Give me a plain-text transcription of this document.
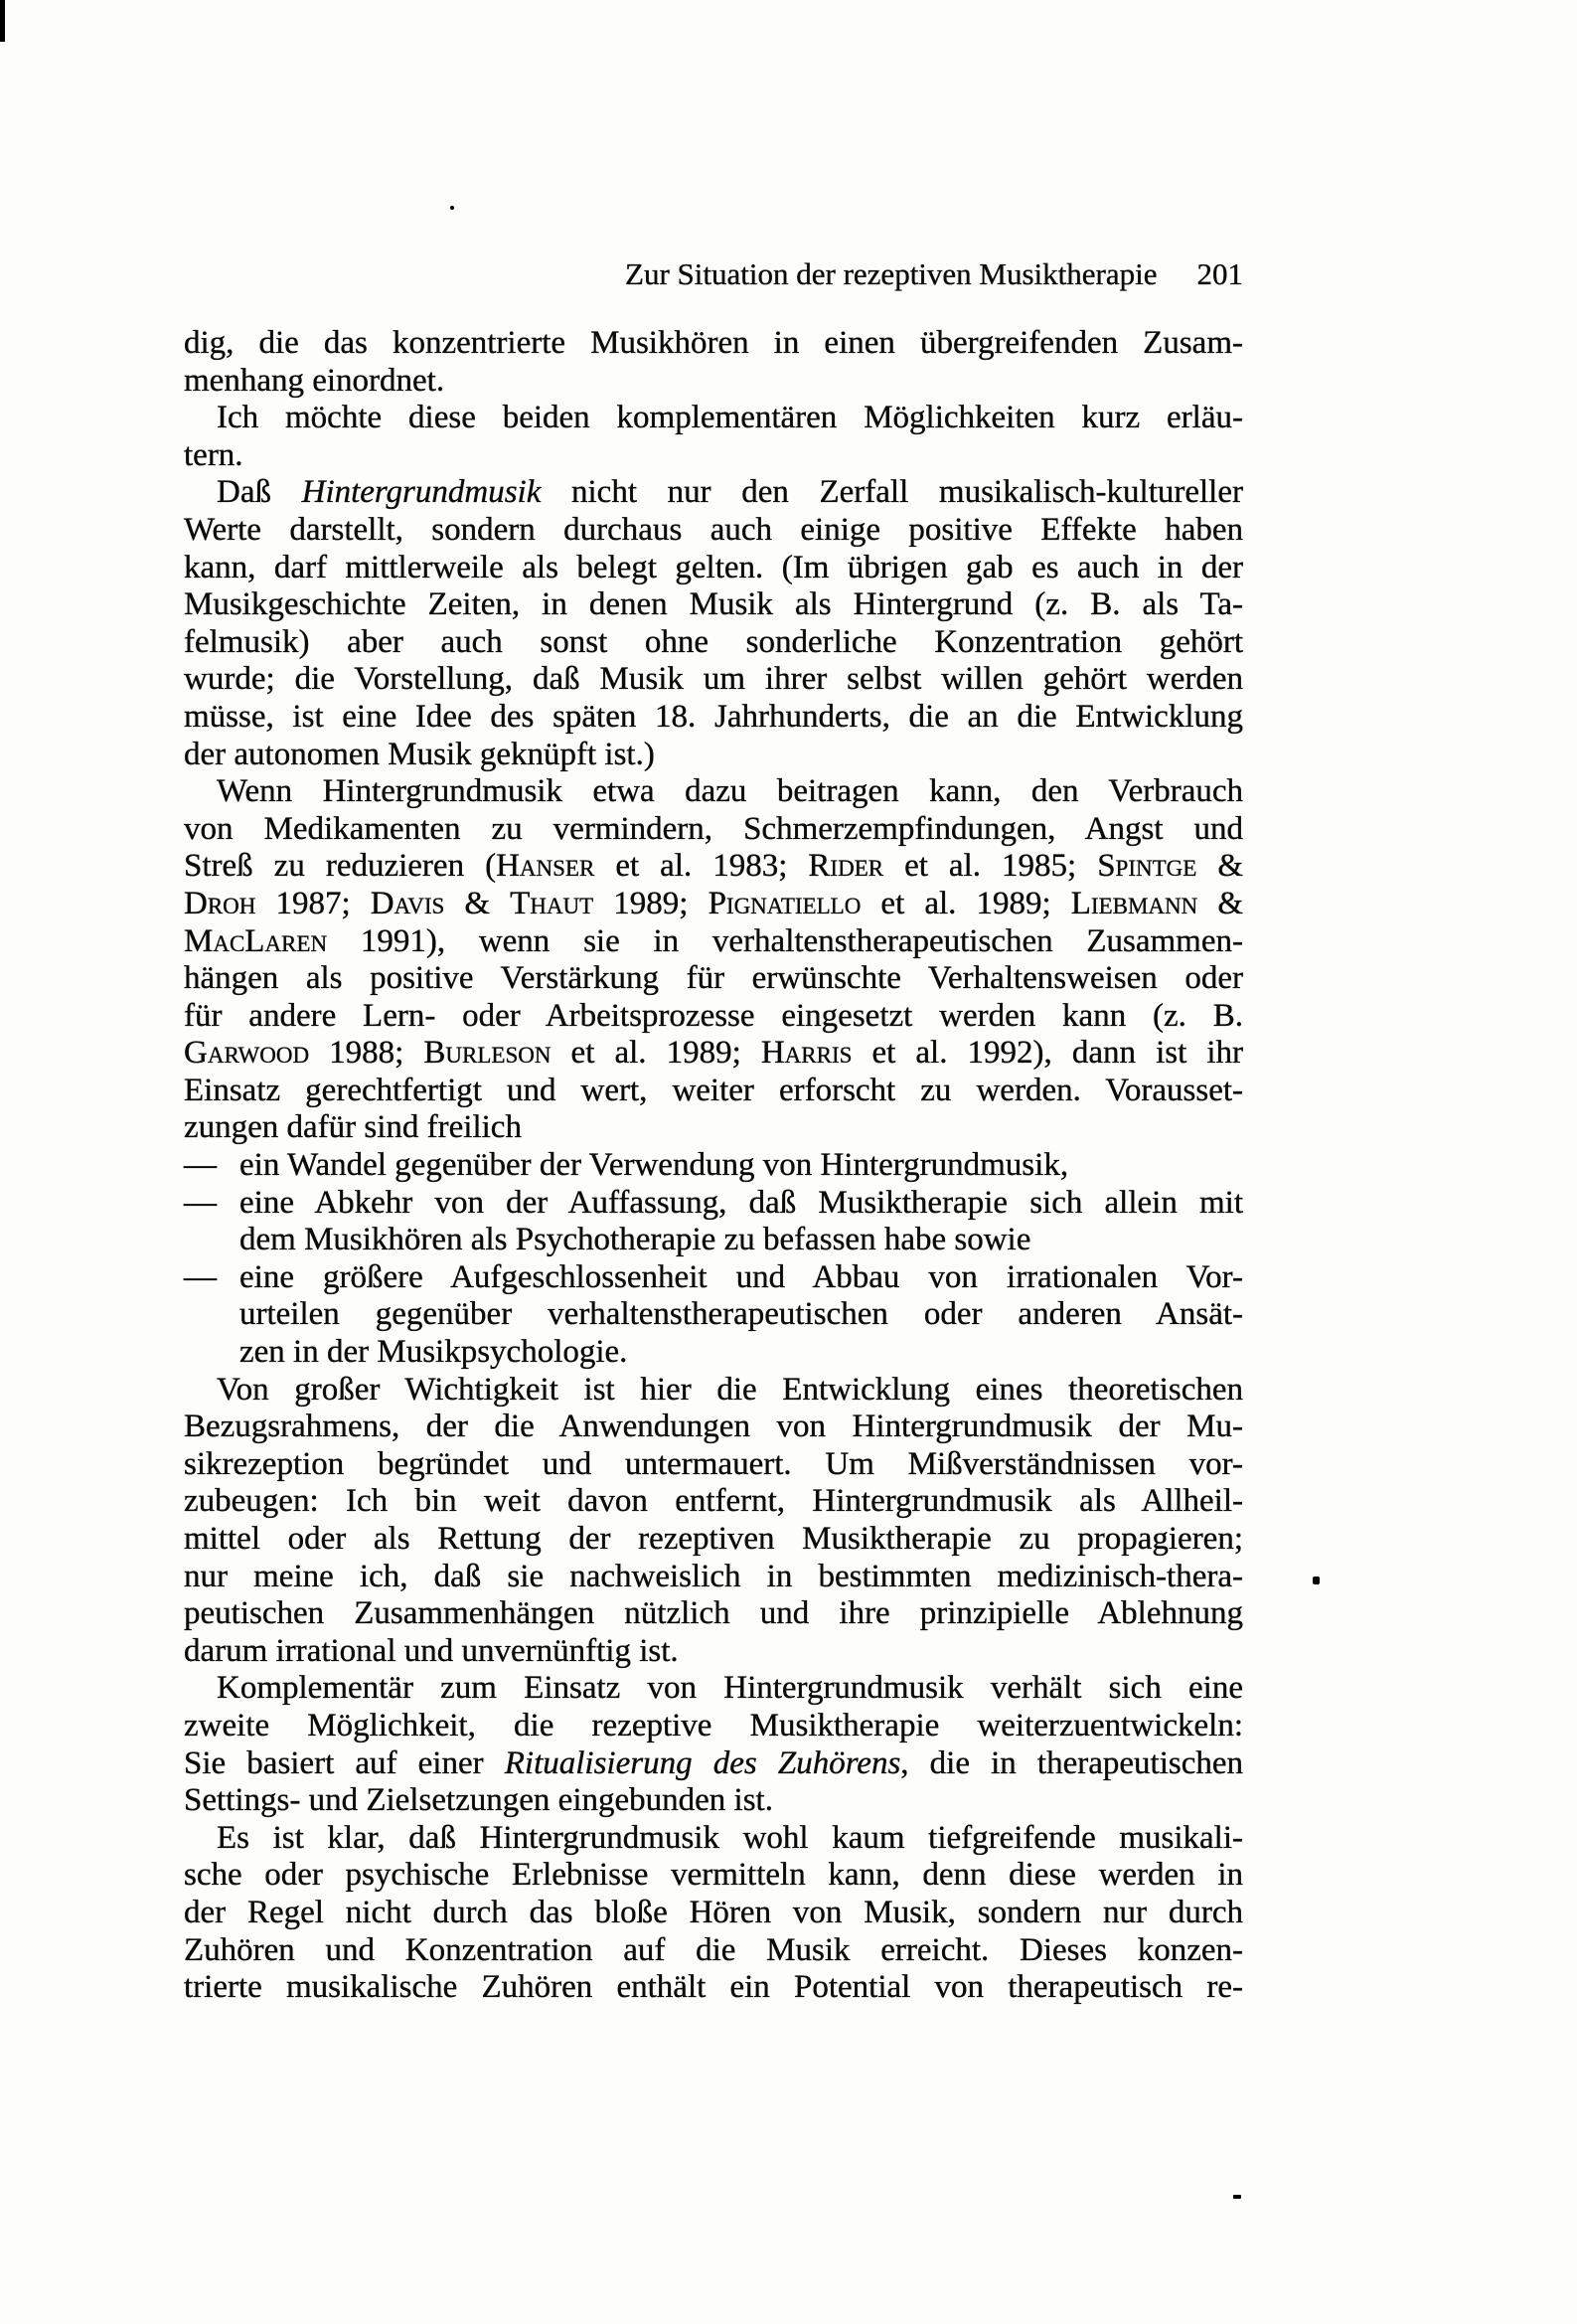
Zur Situation der rezeptiven Musiktherapie 201
dig, die das konzentrierte Musikhören in einen übergreifenden Zusam-
menhang einordnet.
Ich möchte diese beiden komplementären Möglichkeiten kurz erläu-
tern.
Daß Hintergrundmusik nicht nur den Zerfall musikalisch-kultureller
Werte darstellt, sondern durchaus auch einige positive Effekte haben
kann, darf mittlerweile als belegt gelten. (Im übrigen gab es auch in der
Musikgeschichte Zeiten, in denen Musik als Hintergrund (z. B. als Ta-
felmusik) aber auch sonst ohne sonderliche Konzentration gehört
wurde; die Vorstellung, daß Musik um ihrer selbst willen gehört werden
müsse, ist eine Idee des späten 18. Jahrhunderts, die an die Entwicklung
der autonomen Musik geknüpft ist.)
Wenn Hintergrundmusik etwa dazu beitragen kann, den Verbrauch
von Medikamenten zu vermindern, Schmerzempfindungen, Angst und
Streß zu reduzieren (Hanser et al. 1983; Rider et al. 1985; Spintge &
Droh 1987; Davis & Thaut 1989; Pignatiello et al. 1989; Liebmann &
MacLaren 1991), wenn sie in verhaltenstherapeutischen Zusammen-
hängen als positive Verstärkung für erwünschte Verhaltensweisen oder
für andere Lern- oder Arbeitsprozesse eingesetzt werden kann (z. B.
Garwood 1988; Burleson et al. 1989; Harris et al. 1992), dann ist ihr
Einsatz gerechtfertigt und wert, weiter erforscht zu werden. Vorausset-
zungen dafür sind freilich
— ein Wandel gegenüber der Verwendung von Hintergrundmusik,
— eine Abkehr von der Auffassung, daß Musiktherapie sich allein mit
dem Musikhören als Psychotherapie zu befassen habe sowie
— eine größere Aufgeschlossenheit und Abbau von irrationalen Vor-
urteilen gegenüber verhaltenstherapeutischen oder anderen Ansät-
zen in der Musikpsychologie.
Von großer Wichtigkeit ist hier die Entwicklung eines theoretischen
Bezugsrahmens, der die Anwendungen von Hintergrundmusik der Mu-
sikrezeption begründet und untermauert. Um Mißverständnissen vor-
zubeugen: Ich bin weit davon entfernt, Hintergrundmusik als Allheil-
mittel oder als Rettung der rezeptiven Musiktherapie zu propagieren;
nur meine ich, daß sie nachweislich in bestimmten medizinisch-thera-
peutischen Zusammenhängen nützlich und ihre prinzipielle Ablehnung
darum irrational und unvernünftig ist.
Komplementär zum Einsatz von Hintergrundmusik verhält sich eine
zweite Möglichkeit, die rezeptive Musiktherapie weiterzuentwickeln:
Sie basiert auf einer Ritualisierung des Zuhörens, die in therapeutischen
Settings- und Zielsetzungen eingebunden ist.
Es ist klar, daß Hintergrundmusik wohl kaum tiefgreifende musikali-
sche oder psychische Erlebnisse vermitteln kann, denn diese werden in
der Regel nicht durch das bloße Hören von Musik, sondern nur durch
Zuhören und Konzentration auf die Musik erreicht. Dieses konzen-
trierte musikalische Zuhören enthält ein Potential von therapeutisch re-
